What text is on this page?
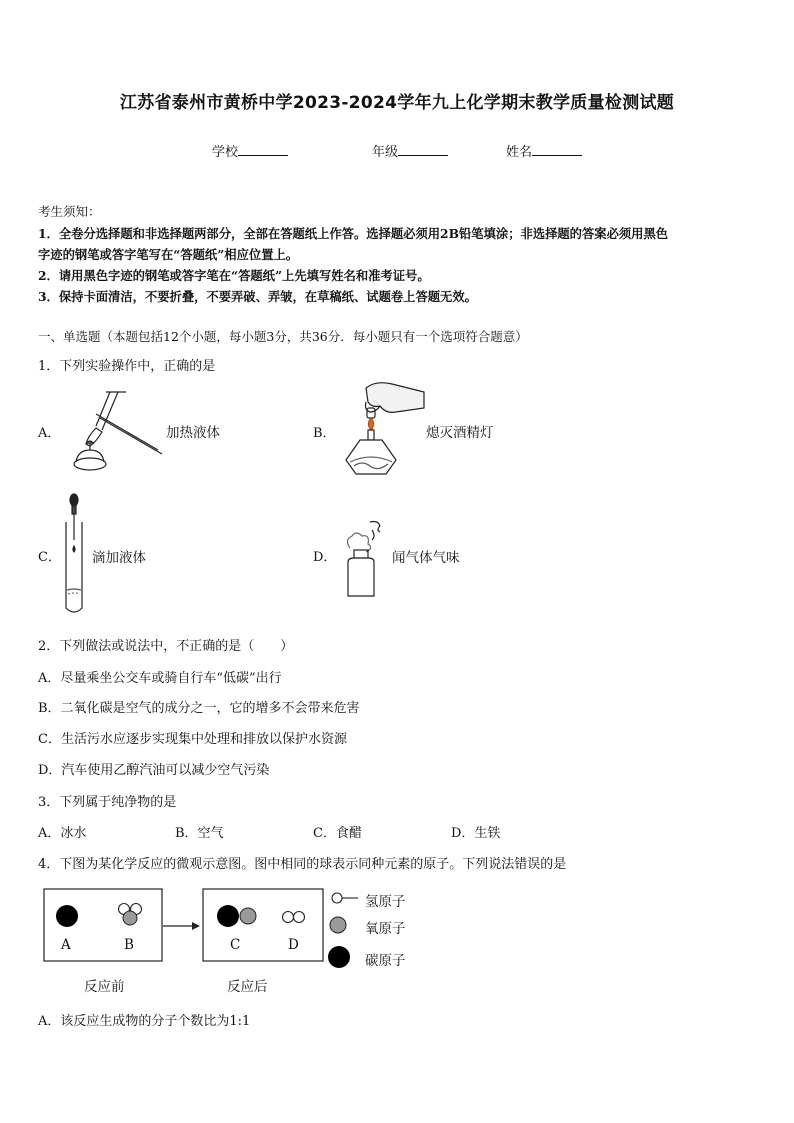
江苏省泰州市黄桥中学2023-2024学年九上化学期末教学质量检测试题
学校	年级	姓名
考生须知：
1．全卷分选择题和非选择题两部分，全部在答题纸上作答。选择题必须用2B铅笔填涂；非选择题的答案必须用黑色
字迹的钢笔或答字笔写在“答题纸”相应位置上。
2．请用黑色字迹的钢笔或答字笔在“答题纸”上先填写姓名和准考证号。
3．保持卡面清洁，不要折叠，不要弄破、弄皱，在草稿纸、试题卷上答题无效。
一、单选题（本题包括12个小题，每小题3分，共36分．每小题只有一个选项符合题意）
1．下列实验操作中，正确的是
A．	加热液体	B．	熄灭酒精灯
C． 滴加液体	D．	闻气体气味
2．下列做法或说法中，不正确的是（　　）
A．尽量乘坐公交车或骑自行车“低碳”出行
B．二氧化碳是空气的成分之一，它的增多不会带来危害
C．生活污水应逐步实现集中处理和排放以保护水资源
D．汽车使用乙醇汽油可以减少空气污染
3．下列属于纯净物的是
A．冰水	B．空气	C．食醋	D．生铁
4．下图为某化学反应的微观示意图。图中相同的球表示同种元素的原子。下列说法错误的是
A	B	C	D
氢原子
氧原子
碳原子
反应前	反应后
A．该反应生成物的分子个数比为1:1
